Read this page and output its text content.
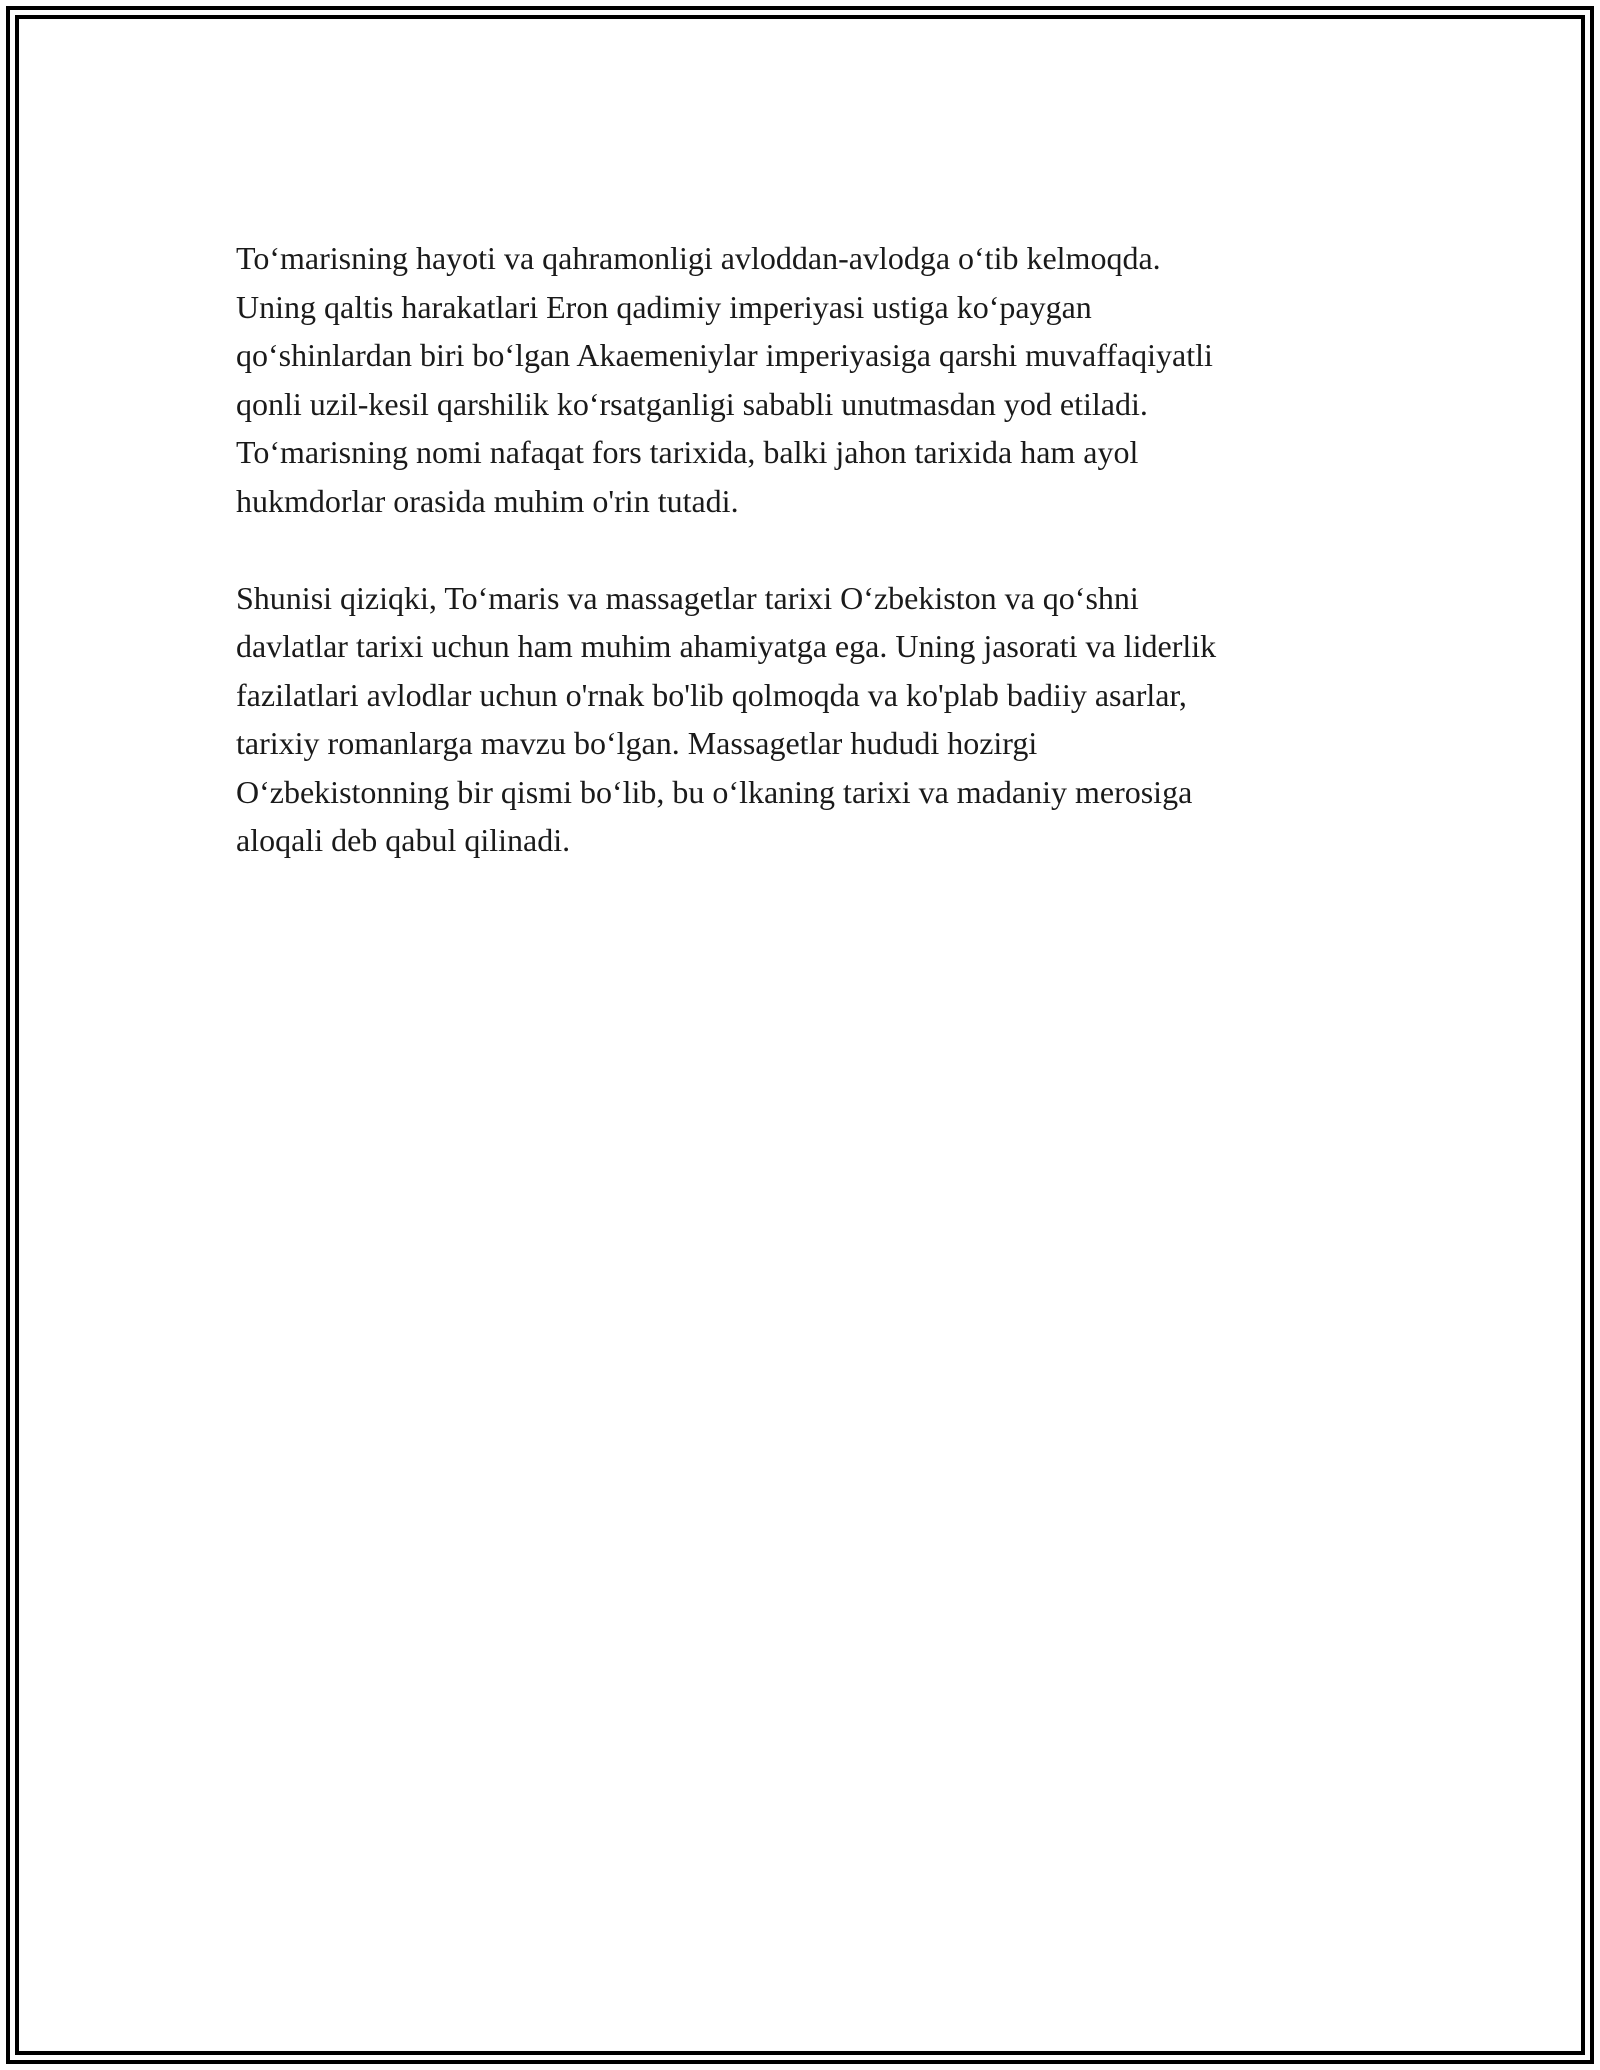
To‘marisning hayoti va qahramonligi avloddan-avlodga o‘tib kelmoqda.
Uning qaltis harakatlari Eron qadimiy imperiyasi ustiga ko‘paygan
qo‘shinlardan biri bo‘lgan Akaemeniylar imperiyasiga qarshi muvaffaqiyatli
qonli uzil-kesil qarshilik ko‘rsatganligi sababli unutmasdan yod etiladi.
To‘marisning nomi nafaqat fors tarixida, balki jahon tarixida ham ayol
hukmdorlar orasida muhim o'rin tutadi.

Shunisi qiziqki, To‘maris va massagetlar tarixi O‘zbekiston va qo‘shni
davlatlar tarixi uchun ham muhim ahamiyatga ega. Uning jasorati va liderlik
fazilatlari avlodlar uchun o'rnak bo'lib qolmoqda va ko'plab badiiy asarlar,
tarixiy romanlarga mavzu bo‘lgan. Massagetlar hududi hozirgi
O‘zbekistonning bir qismi bo‘lib, bu o‘lkaning tarixi va madaniy merosiga
aloqali deb qabul qilinadi.
